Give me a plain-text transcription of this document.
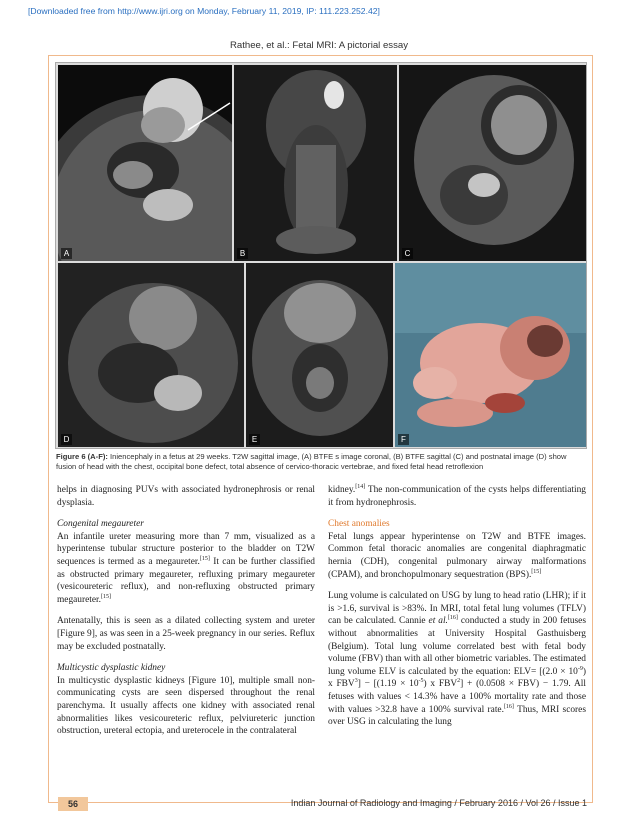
[Downloaded free from http://www.ijri.org on Monday, February 11, 2019, IP: 111.223.252.42]
Rathee, et al.: Fetal MRI: A pictorial essay
A	B	C
D	E	F
Figure 6 (A-F): Iniencephaly in a fetus at 29 weeks. T2W sagittal image, (A) BTFE s image coronal, (B) BTFE sagittal (C) and postnatal image (D) show fusion of head with the chest, occipital bone defect, total absence of cervico-thoracic vertebrae, and fixed fetal head retroflexion

helps in diagnosing PUVs with associated hydronephrosis or renal dysplasia.

Congenital megaureter

An infantile ureter measuring more than 7 mm, visualized as a hyperintense tubular structure posterior to the bladder on T2W sequences is termed as a megaureter.[15] It can be further classified as obstructed primary megaureter, refluxing primary megaureter (vesicoureteric reflux), and non-refluxing obstructed primary megaureter.[15]

Antenatally, this is seen as a dilated collecting system and ureter [Figure 9], as was seen in a 25-week pregnancy in our series. Reflux may be excluded postnatally.

Multicystic dysplastic kidney

In multicystic dysplastic kidneys [Figure 10], multiple small non-communicating cysts are seen dispersed throughout the renal parenchyma. It usually affects one kidney with associated renal abnormalities likes vesicoureteric reflux, pelviureteric junction obstruction, ureteral ectopia, and ureterocele in the contralateral

kidney.[14] The non-communication of the cysts helps differentiating it from hydronephrosis.

Chest anomalies

Fetal lungs appear hyperintense on T2W and BTFE images. Common fetal thoracic anomalies are congenital diaphragmatic hernia (CDH), congenital pulmonary airway malformations (CPAM), and bronchopulmonary sequestration (BPS).[15]

Lung volume is calculated on USG by lung to head ratio (LHR); if it is >1.6, survival is >83%. In MRI, total fetal lung volumes (TFLV) can be calculated. Cannie et al.[16] conducted a study in 200 fetuses without abnormalities at University Hospital Gasthuisberg (Belgium). Total lung volume correlated best with fetal body volume (FBV) than with all other biometric variables. The estimated lung volume ELV is calculated by the equation: $ELV= [(2.0 \times 10^{-9})$ x $FBV^3] - [(1.19 \times 10^{-5})$ x $FBV^2] + (0.0508 \times FBV) - 1.79$. All fetuses with values < 14.3% have a 100% mortality rate and those with values >32.8 have a 100% survival rate.[16] Thus, MRI scores over USG in calculating the lung

56	Indian Journal of Radiology and Imaging / February 2016 / Vol 26 / Issue 1
